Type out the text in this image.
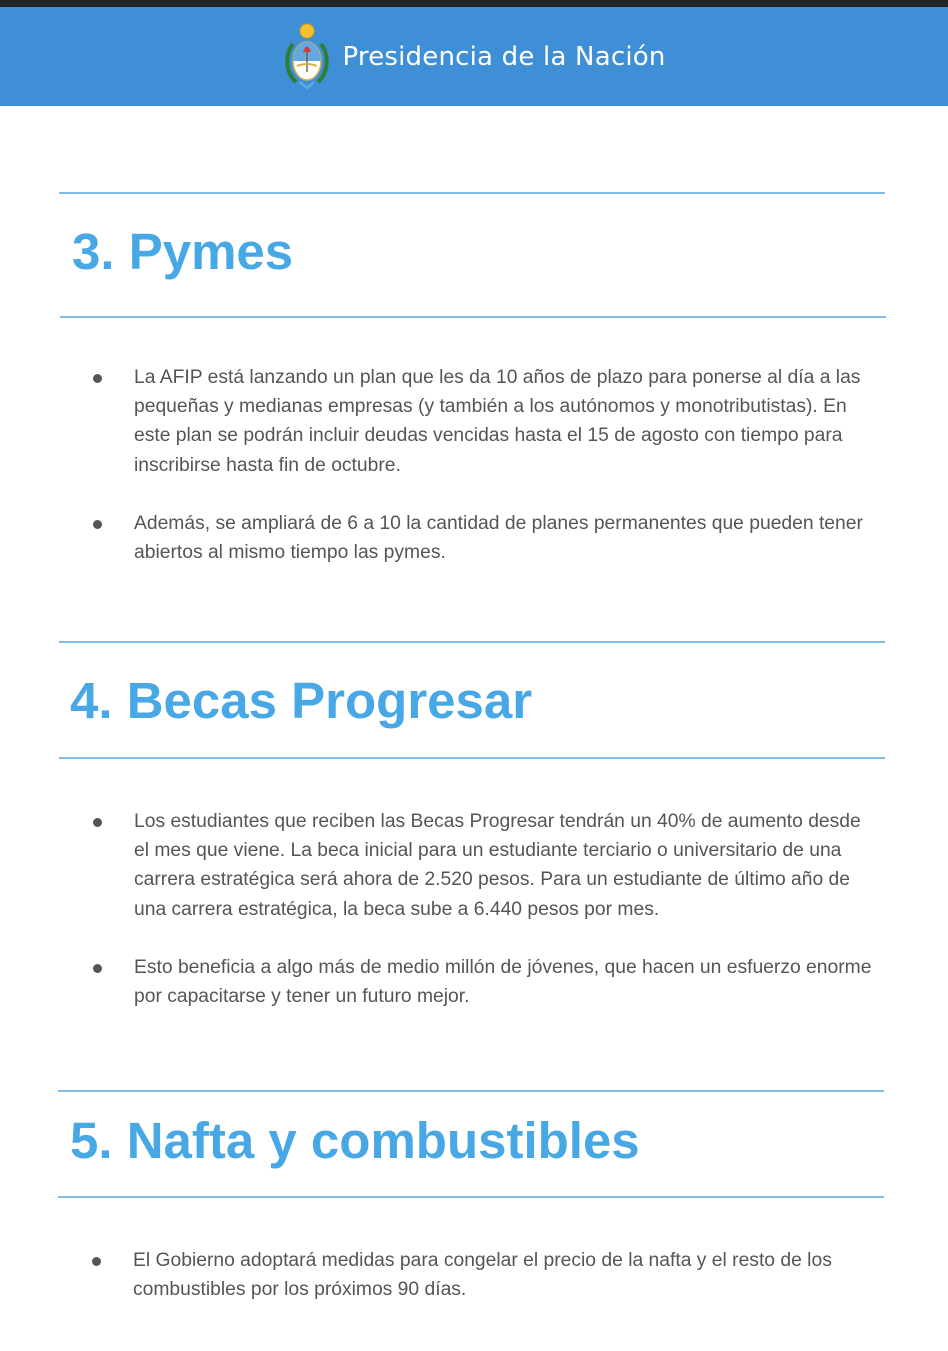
Presidencia de la Nación
3. Pymes
La AFIP está lanzando un plan que les da 10 años de plazo para ponerse al día a las pequeñas y medianas empresas (y también a los autónomos y monotributistas). En este plan se podrán incluir deudas vencidas hasta el 15 de agosto con tiempo para inscribirse hasta fin de octubre.
Además, se ampliará de 6 a 10 la cantidad de planes permanentes que pueden tener abiertos al mismo tiempo las pymes.
4. Becas Progresar
Los estudiantes que reciben las Becas Progresar tendrán un 40% de aumento desde el mes que viene. La beca inicial para un estudiante terciario o universitario de una carrera estratégica será ahora de 2.520 pesos. Para un estudiante de último año de una carrera estratégica, la beca sube a 6.440 pesos por mes.
Esto beneficia a algo más de medio millón de jóvenes, que hacen un esfuerzo enorme por capacitarse y tener un futuro mejor.
5. Nafta y combustibles
El Gobierno adoptará medidas para congelar el precio de la nafta y el resto de los combustibles por los próximos 90 días.
